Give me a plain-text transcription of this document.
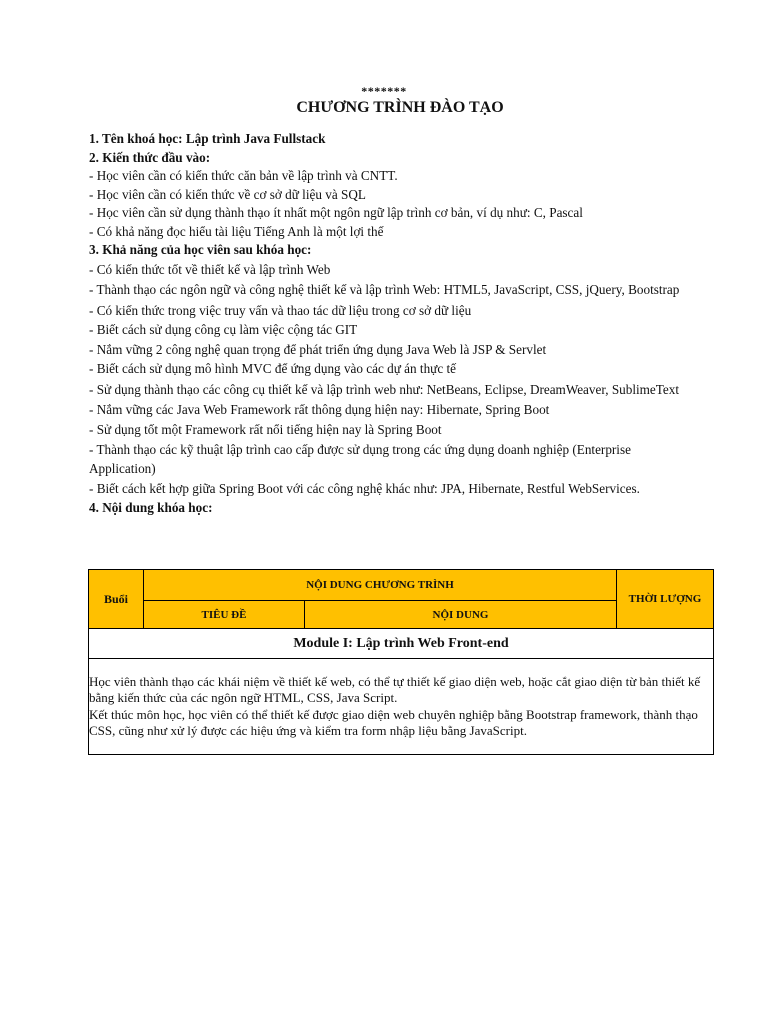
*******
CHƯƠNG TRÌNH ĐÀO TẠO
1. Tên khoá học: Lập trình Java Fullstack
2. Kiến thức đầu vào:
- Học viên cần có kiến thức căn bản về lập trình và CNTT.
- Học viên cần có kiến thức về cơ sở dữ liệu và SQL
- Học viên cần sử dụng thành thạo ít nhất một ngôn ngữ lập trình cơ bản, ví dụ như: C, Pascal
- Có khả năng đọc hiểu tài liệu Tiếng Anh là một lợi thế
3. Khả năng của học viên sau khóa học:
- Có kiến thức tốt về thiết kế và lập trình Web
- Thành thạo các ngôn ngữ và công nghệ thiết kế và lập trình Web: HTML5, JavaScript, CSS, jQuery, Bootstrap
- Có kiến thức trong việc truy vấn và thao tác dữ liệu trong cơ sở dữ liệu
- Biết cách sử dụng công cụ làm việc cộng tác GIT
- Nắm vững 2 công nghệ quan trọng để phát triển ứng dụng Java Web là JSP & Servlet
- Biết cách sử dụng mô hình MVC để ứng dụng vào các dự án thực tế
- Sử dụng thành thạo các công cụ thiết kế và lập trình web như: NetBeans, Eclipse, DreamWeaver, SublimeText
- Nắm vững các Java Web Framework rất thông dụng hiện nay: Hibernate, Spring Boot
- Sử dụng tốt một Framework rất nổi tiếng hiện nay là Spring Boot
- Thành thạo các kỹ thuật lập trình cao cấp được sử dụng trong các ứng dụng doanh nghiệp (Enterprise Application)
- Biết cách kết hợp giữa Spring Boot với các công nghệ khác như: JPA, Hibernate, Restful WebServices.
4. Nội dung khóa học:
Buổi	NỘI DUNG CHƯƠNG TRÌNH		THỜI LƯỢNG
	TIÊU ĐỀ	NỘI DUNG	
Module I: Lập trình Web Front-end			

Học viên thành thạo các khái niệm về thiết kế web, có thể tự thiết kế giao diện web, hoặc cắt giao diện từ bản thiết kế bằng kiến thức của các ngôn ngữ HTML, CSS, Java Script.
Kết thúc môn học, học viên có thể thiết kế được giao diện web chuyên nghiệp bằng Bootstrap framework, thành thạo CSS, cũng như xử lý được các hiệu ứng và kiểm tra form nhập liệu bằng JavaScript.			
